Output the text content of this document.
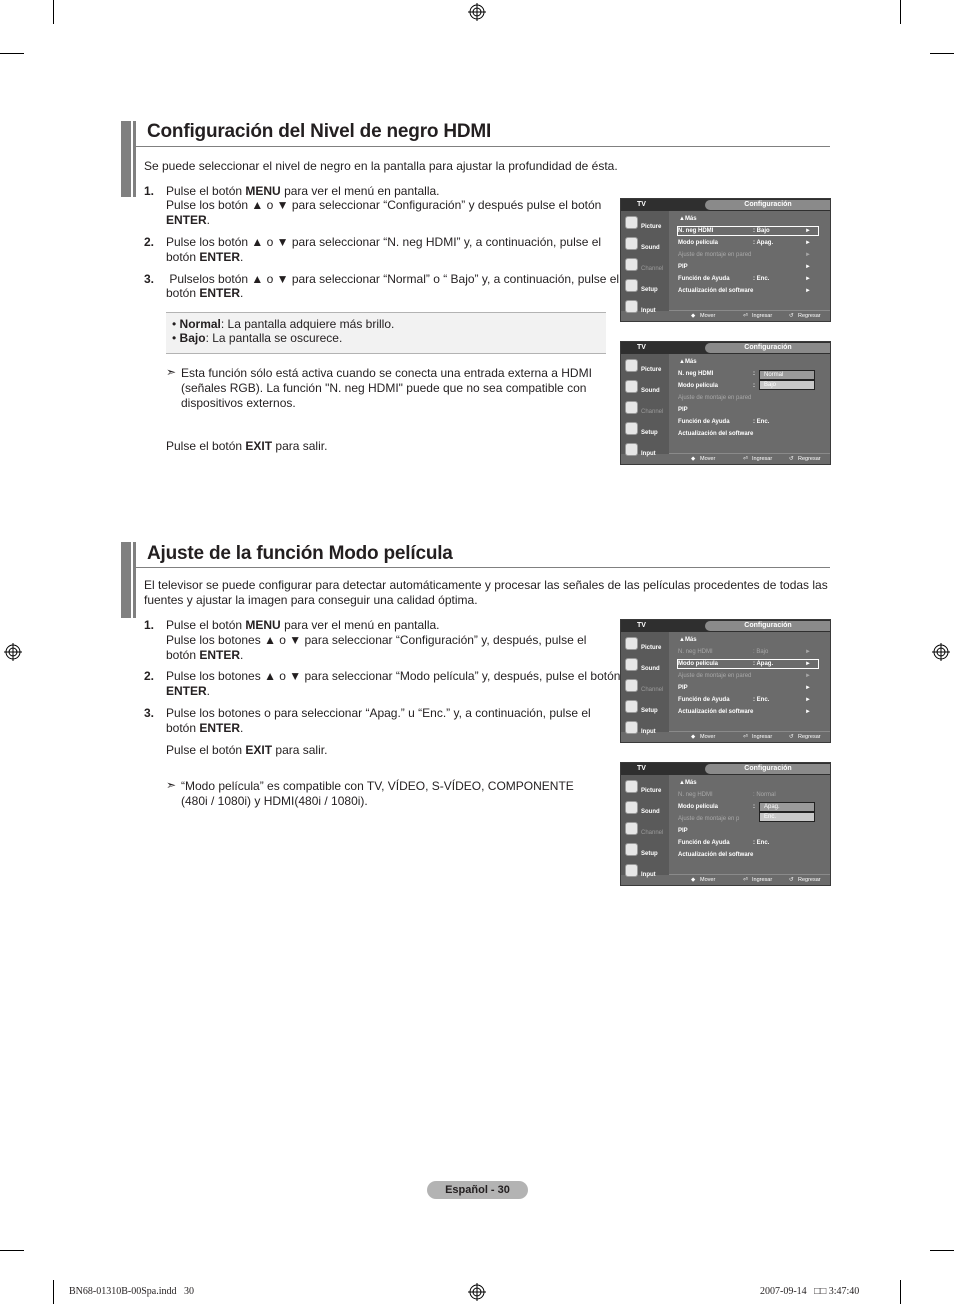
Configuración del Nivel de negro HDMI
Se puede seleccionar el nivel de negro en la pantalla para ajustar la profundidad de ésta.
1. Pulse el botón MENU para ver el menú en pantalla.
Pulse los botón ▲ o ▼ para seleccionar “Configuración” y después pulse el botón
ENTER.
2. Pulse los botón ▲ o ▼ para seleccionar “N. neg HDMI” y, a continuación, pulse el
botón ENTER.
3. Pulselos botón ▲ o ▼ para seleccionar “Normal” o “ Bajo” y, a continuación, pulse el
botón ENTER.
• Normal: La pantalla adquiere más brillo.
• Bajo: La pantalla se oscurece.
➣ Esta función sólo está activa cuando se conecta una entrada externa a HDMI
(señales RGB). La función "N. neg HDMI" puede que no sea compatible con
dispositivos externos.
Pulse el botón EXIT para salir.
Ajuste de la función Modo película
El televisor se puede configurar para detectar automáticamente y procesar las señales de las películas procedentes de todas las
fuentes y ajustar la imagen para conseguir una calidad óptima.
1. Pulse el botón MENU para ver el menú en pantalla.
Pulse los botones ▲ o ▼ para seleccionar “Configuración” y, después, pulse el
botón ENTER.
2. Pulse los botones ▲ o ▼ para seleccionar “Modo película” y, después, pulse el botón
ENTER.
3. Pulse los botones o para seleccionar “Apag.” u “Enc.” y, a continuación, pulse el
botón ENTER.
Pulse el botón EXIT para salir.
➣ “Modo película” es compatible con TV, VÍDEO, S-VÍDEO, COMPONENTE
(480i / 1080i) y HDMI(480i / 1080i).
TV	Configuración
Picture
Sound
Channel
Setup
Input
▲Más
N. neg HDMI	: Bajo	►
Modo película	: Apag.	►
Ajuste de montaje en pared	►
PIP	►
Función de Ayuda	: Enc.	►
Actualización del software	►
◆ Mover	⏎ Ingresar	↺ Regresar
TV	Configuración
Picture
Sound
Channel
Setup
Input
▲Más
N. neg HDMI	:
Modo película	:
Ajuste de montaje en pared
PIP
Función de Ayuda	: Enc.
Actualización del software
Normal
Bajo
◆ Mover	⏎ Ingresar	↺ Regresar
TV	Configuración
Picture
Sound
Channel
Setup
Input
▲Más
N. neg HDMI	: Bajo	►
Modo película	: Apag.	►
Ajuste de montaje en pared	►
PIP	►
Función de Ayuda	: Enc.	►
Actualización del software	►
◆ Mover	⏎ Ingresar	↺ Regresar
TV	Configuración
Picture
Sound
Channel
Setup
Input
▲Más
N. neg HDMI	: Normal
Modo película	:
Ajuste de montaje en p
PIP
Función de Ayuda	: Enc.
Actualización del software
Apag.
Enc.
◆ Mover	⏎ Ingresar	↺ Regresar
Español - 30
BN68-01310B-00Spa.indd   30	2007-09-14   □□ 3:47:40
